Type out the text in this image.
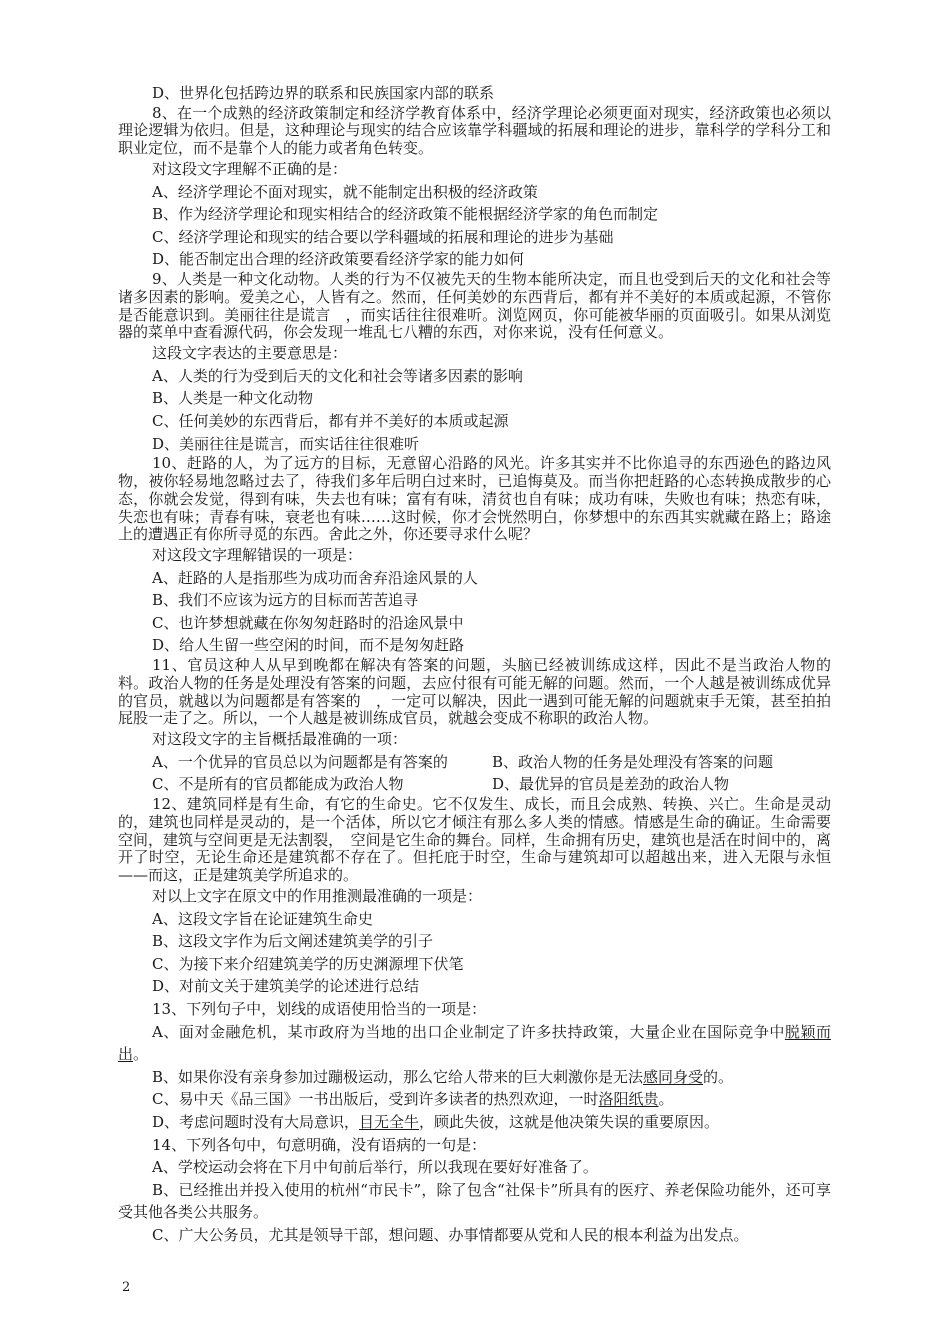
D、世界化包括跨边界的联系和民族国家内部的联系

8、在一个成熟的经济政策制定和经济学教育体系中，经济学理论必须更面对现实，经济政策也必须以理论逻辑为依归。但是，这种理论与现实的结合应该靠学科疆域的拓展和理论的进步，靠科学的学科分工和职业定位，而不是靠个人的能力或者角色转变。

对这段文字理解不正确的是：

A、经济学理论不面对现实，就不能制定出积极的经济政策

B、作为经济学理论和现实相结合的经济政策不能根据经济学家的角色而制定

C、经济学理论和现实的结合要以学科疆域的拓展和理论的进步为基础

D、能否制定出合理的经济政策要看经济学家的能力如何

9、人类是一种文化动物。人类的行为不仅被先天的生物本能所决定，而且也受到后天的文化和社会等诸多因素的影响。爱美之心，人皆有之。然而，任何美妙的东西背后，都有并不美好的本质或起源，不管你是否能意识到。美丽往往是谎言　，而实话往往很难听。浏览网页，你可能被华丽的页面吸引。如果从浏览器的菜单中查看源代码，你会发现一堆乱七八糟的东西，对你来说，没有任何意义。

这段文字表达的主要意思是：

A、人类的行为受到后天的文化和社会等诸多因素的影响

B、人类是一种文化动物

C、任何美妙的东西背后，都有并不美好的本质或起源

D、美丽往往是谎言，而实话往往很难听

10、赶路的人，为了远方的目标，无意留心沿路的风光。许多其实并不比你追寻的东西逊色的路边风物，被你轻易地忽略过去了，待我们多年后明白过来时，已追悔莫及。而当你把赶路的心态转换成散步的心态，你就会发觉，得到有味，失去也有味；富有有味，清贫也自有味；成功有味，失败也有味；热恋有味，失恋也有味；青春有味，衰老也有味……这时候，你才会恍然明白，你梦想中的东西其实就藏在路上；路途上的遭遇正有你所寻觅的东西。舍此之外，你还要寻求什么呢？

对这段文字理解错误的一项是：

A、赶路的人是指那些为成功而舍弃沿途风景的人

B、我们不应该为远方的目标而苦苦追寻

C、也许梦想就藏在你匆匆赶路时的沿途风景中

D、给人生留一些空闲的时间，而不是匆匆赶路

11、官员这种人从早到晚都在解决有答案的问题，头脑已经被训练成这样，因此不是当政治人物的料。政治人物的任务是处理没有答案的问题，去应付很有可能无解的问题。然而，一个人越是被训练成优异的官员，就越以为问题都是有答案的　，一定可以解决，因此一遇到可能无解的问题就束手无策，甚至拍拍屁股一走了之。所以，一个人越是被训练成官员，就越会变成不称职的政治人物。

对这段文字的主旨概括最准确的一项：

A、一个优异的官员总以为问题都是有答案的	B、政治人物的任务是处理没有答案的问题
C、不是所有的官员都能成为政治人物	D、最优异的官员是差劲的政治人物

12、建筑同样是有生命，有它的生命史。它不仅发生、成长，而且会成熟、转换、兴亡。生命是灵动的，建筑也同样是灵动的，是一个活体，所以它才倾注有那么多人类的情感。情感是生命的确证。生命需要空间，建筑与空间更是无法割裂，　空间是它生命的舞台。同样，生命拥有历史，建筑也是活在时间中的，离开了时空，无论生命还是建筑都不存在了。但托庇于时空，生命与建筑却可以超越出来，进入无限与永恒——而这，正是建筑美学所追求的。

对以上文字在原文中的作用推测最准确的一项是：

A、这段文字旨在论证建筑生命史

B、这段文字作为后文阐述建筑美学的引子

C、为接下来介绍建筑美学的历史渊源埋下伏笔

D、对前文关于建筑美学的论述进行总结

13、下列句子中，划线的成语使用恰当的一项是：

A、面对金融危机，某市政府为当地的出口企业制定了许多扶持政策，大量企业在国际竞争中脱颖而出。

B、如果你没有亲身参加过蹦极运动，那么它给人带来的巨大刺激你是无法感同身受的。

C、易中天《品三国》一书出版后，受到许多读者的热烈欢迎，一时洛阳纸贵。

D、考虑问题时没有大局意识，目无全牛，顾此失彼，这就是他决策失误的重要原因。

14、下列各句中，句意明确，没有语病的一句是：

A、学校运动会将在下月中旬前后举行，所以我现在要好好准备了。

B、已经推出并投入使用的杭州“市民卡”，除了包含“社保卡”所具有的医疗、养老保险功能外，还可享受其他各类公共服务。

C、广大公务员，尤其是领导干部，想问题、办事情都要从党和人民的根本利益为出发点。

2
